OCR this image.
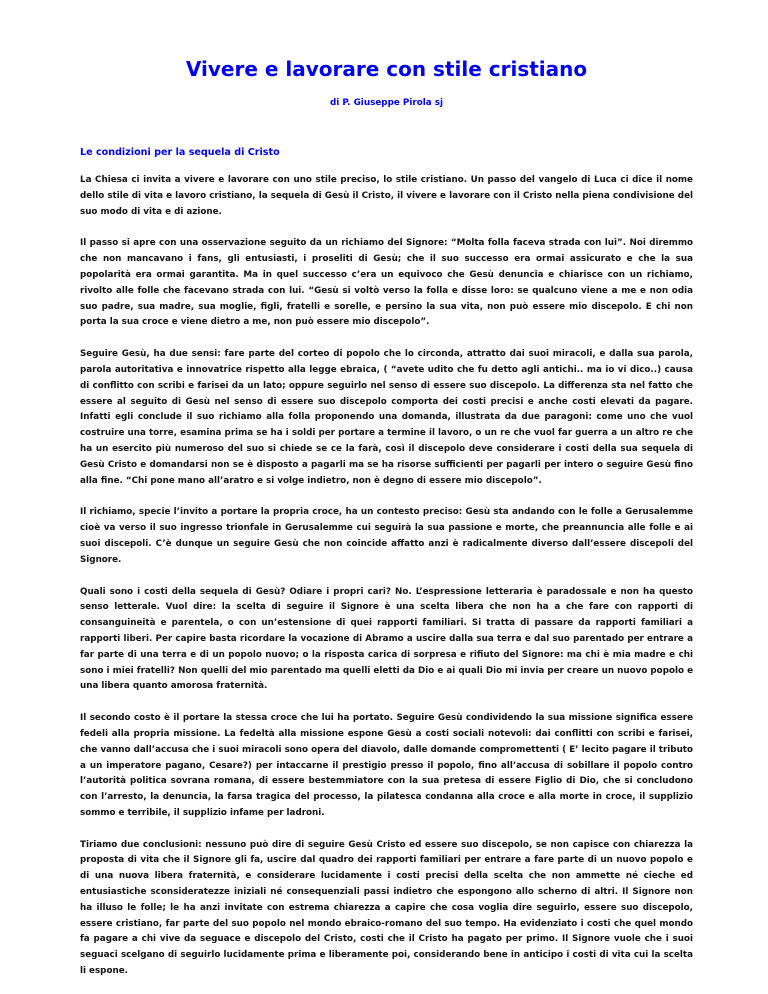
Vivere e lavorare con stile cristiano
di P. Giuseppe Pirola sj
Le condizioni per la sequela di Cristo

La Chiesa ci invita a vivere e lavorare con uno stile preciso, lo stile cristiano. Un passo del vangelo di Luca ci dice il nome dello stile di vita e lavoro cristiano, la sequela di Gesù il Cristo, il vivere e lavorare con il Cristo nella piena condivisione del suo modo di vita e di azione.

Il passo si apre con una osservazione seguito da un richiamo del Signore: “Molta folla faceva strada con lui”. Noi diremmo che non mancavano i fans, gli entusiasti, i proseliti di Gesù; che il suo successo era ormai assicurato e che la sua popolarità era ormai garantita. Ma in quel successo c’era un equivoco che Gesù denuncia e chiarisce con un richiamo, rivolto alle folle che facevano strada con lui. “Gesù si voltò verso la folla e disse loro: se qualcuno viene a me e non odia suo padre, sua madre, sua moglie, figli, fratelli e sorelle, e persino la sua vita, non può essere mio discepolo. E chi non porta la sua croce e viene dietro a me, non può essere mio discepolo”.

Seguire Gesù, ha due sensi: fare parte del corteo di popolo che lo circonda, attratto dai suoi miracoli, e dalla sua parola, parola autoritativa e innovatrice rispetto alla legge ebraica, ( “avete udito che fu detto agli antichi.. ma io vi dico..) causa di conflitto con scribi e farisei da un lato; oppure seguirlo nel senso di essere suo discepolo. La differenza sta nel fatto che essere al seguito di Gesù nel senso di essere suo discepolo comporta dei costi precisi e anche costi elevati da pagare. Infatti egli conclude il suo richiamo alla folla proponendo una domanda, illustrata da due paragoni: come uno che vuol costruire una torre, esamina prima se ha i soldi per portare a termine il lavoro, o un re che vuol far guerra a un altro re che ha un esercito più numeroso del suo si chiede se ce la farà, così il discepolo deve considerare i costi della sua sequela di Gesù Cristo e domandarsi non se è disposto a pagarli ma se ha risorse sufficienti per pagarli per intero o seguire Gesù fino alla fine. “Chi pone mano all’aratro e si volge indietro, non è degno di essere mio discepolo”.

Il richiamo, specie l’invito a portare la propria croce, ha un contesto preciso: Gesù sta andando con le folle a Gerusalemme cioè va verso il suo ingresso trionfale in Gerusalemme cui seguirà la sua passione e morte, che preannuncia alle folle e ai suoi discepoli. C’è dunque un seguire Gesù che non coincide affatto anzi è radicalmente diverso dall’essere discepoli del Signore.

Quali sono i costi della sequela di Gesù? Odiare i propri cari? No. L’espressione letteraria è paradossale e non ha questo senso letterale. Vuol dire: la scelta di seguire il Signore è una scelta libera che non ha a che fare con rapporti di consanguineità e parentela, o con un’estensione di quei rapporti familiari. Si tratta di passare da rapporti familiari a rapporti liberi. Per capire basta ricordare la vocazione di Abramo a uscire dalla sua terra e dal suo parentado per entrare a far parte di una terra e di un popolo nuovo; o la risposta carica di sorpresa e rifiuto del Signore: ma chi è mia madre e chi sono i miei fratelli? Non quelli del mio parentado ma quelli eletti da Dio e ai quali Dio mi invia per creare un nuovo popolo e una libera quanto amorosa fraternità.

Il secondo costo è il portare la stessa croce che lui ha portato. Seguire Gesù condividendo la sua missione significa essere fedeli alla propria missione. La fedeltà alla missione espone Gesù a costi sociali notevoli: dai conflitti con scribi e farisei, che vanno dall’accusa che i suoi miracoli sono opera del diavolo, dalle domande compromettenti ( E’ lecito pagare il tributo a un imperatore pagano, Cesare?) per intaccarne il prestigio presso il popolo, fino all’accusa di sobillare il popolo contro l’autorità politica sovrana romana, di essere bestemmiatore con la sua pretesa di essere Figlio di Dio, che si concludono con l’arresto, la denuncia, la farsa tragica del processo, la pilatesca condanna alla croce e alla morte in croce, il supplizio sommo e terribile, il supplizio infame per ladroni.

Tiriamo due conclusioni: nessuno può dire di seguire Gesù Cristo ed essere suo discepolo, se non capisce con chiarezza la proposta di vita che il Signore gli fa, uscire dal quadro dei rapporti familiari per entrare a fare parte di un nuovo popolo e di una nuova libera fraternità, e considerare lucidamente i costi precisi della scelta che non ammette né cieche ed entusiastiche sconsideratezze iniziali né consequenziali passi indietro che espongono allo scherno di altri. Il Signore non ha illuso le folle; le ha anzi invitate con estrema chiarezza a capire che cosa voglia dire seguirlo, essere suo discepolo, essere cristiano, far parte del suo popolo nel mondo ebraico-romano del suo tempo. Ha evidenziato i costi che quel mondo fa pagare a chi vive da seguace e discepolo del Cristo, costi che il Cristo ha pagato per primo. Il Signore vuole che i suoi seguaci scelgano di seguirlo lucidamente prima e liberamente poi, considerando bene in anticipo i costi di vita cui la scelta li espone.
